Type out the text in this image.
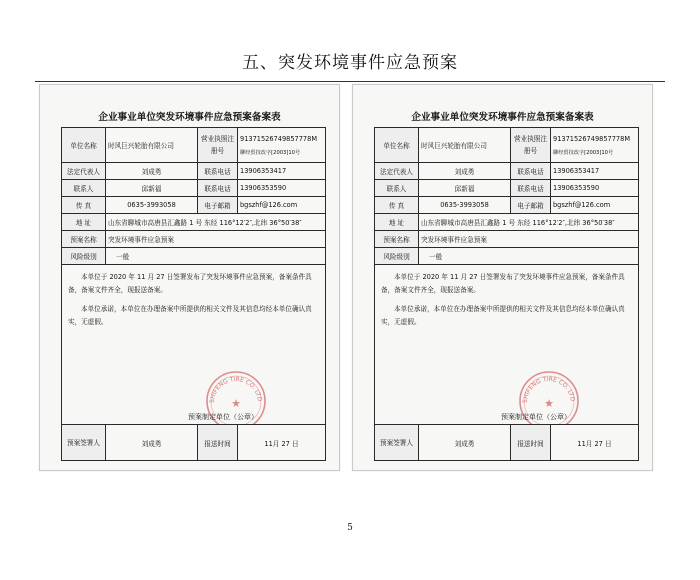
五、突发环境事件应急预案
企业事业单位突发环境事件应急预案备案表
单位名称	时风巨兴轮胎有限公司	营业执照注册号	91371526749857778M
聊经贸技改字[2003]10号

法定代表人	刘成勇	联系电话	13906353417
联系人	邱新福	联系电话	13906353590
传 真	0635-3993058	电子邮箱	bgszhf@126.com
地 址	山东省聊城市高唐县汇鑫路 1 号 东经 116°12′2″,北纬 36°50′38″		
预案名称	突发环境事件应急预案		
风险级别	一般		

本单位于 2020 年 11 月 27 日签署发布了突发环境事件应急预案，备案条件具备，备案文件齐全，现报送备案。
本单位承诺，本单位在办理备案中所提供的相关文件及其信息均经本单位确认真实，无虚假。
SHIFENG TIRE CO. LTD
★
预案制定单位（公章）			

预案签署人	刘成勇	报送时间	11月 27 日
企业事业单位突发环境事件应急预案备案表
单位名称	时风巨兴轮胎有限公司	营业执照注册号	91371526749857778M
聊经贸技改字[2003]10号

法定代表人	刘成勇	联系电话	13906353417
联系人	邱新福	联系电话	13906353590
传 真	0635-3993058	电子邮箱	bgszhf@126.com
地 址	山东省聊城市高唐县汇鑫路 1 号 东经 116°12′2″,北纬 36°50′38″		
预案名称	突发环境事件应急预案		
风险级别	一般		

本单位于 2020 年 11 月 27 日签署发布了突发环境事件应急预案，备案条件具备，备案文件齐全，现报送备案。
本单位承诺，本单位在办理备案中所提供的相关文件及其信息均经本单位确认真实，无虚假。
SHIFENG TIRE CO. LTD
★
预案制定单位（公章）			

预案签署人	刘成勇	报送时间	11月 27 日
5
